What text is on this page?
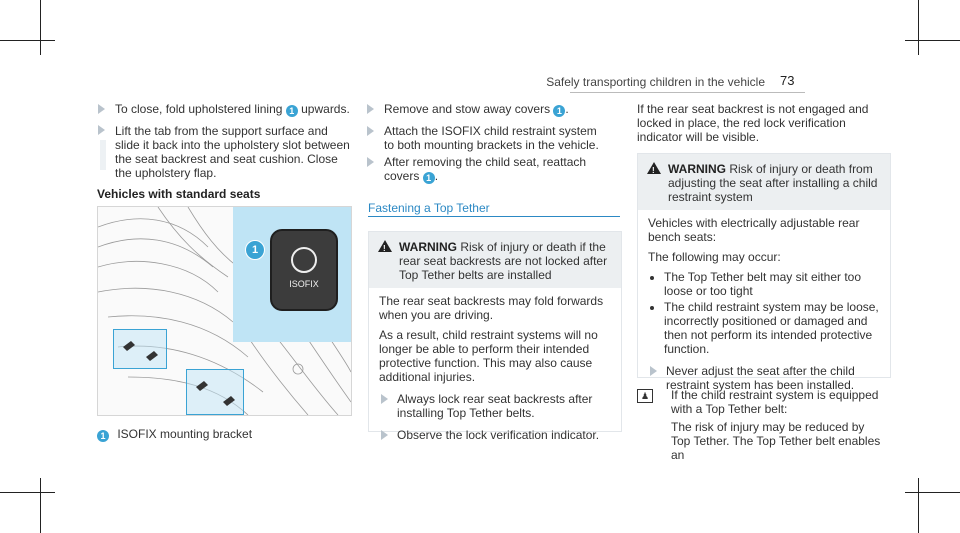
Safely transporting children in the vehicle 73
To close, fold upholstered lining 1 upwards.
Lift the tab from the support surface and slide it back into the upholstery slot between the seat backrest and seat cushion. Close the upholstery flap.
Vehicles with standard seats
ISOFIX
1
1 ISOFIX mounting bracket
Remove and stow away covers 1 .
Attach the ISOFIX child restraint system to both mounting brackets in the vehicle.
After removing the child seat, reattach covers 1 .
Fastening a Top Tether
! WARNING Risk of injury or death if the rear seat backrests are not locked after Top Tether belts are installed

The rear seat backrests may fold forwards when you are driving.

As a result, child restraint systems will no longer be able to perform their intended protective function. This may also cause additional injuries.

Always lock rear seat backrests after installing Top Tether belts.
Observe the lock verification indicator.
If the rear seat backrest is not engaged and locked in place, the red lock verification indicator will be visible.
! WARNING Risk of injury or death from adjusting the seat after installing a child restraint system

Vehicles with electrically adjustable rear bench seats:

The following may occur:

• The Top Tether belt may sit either too loose or too tight
• The child restraint system may be loose, incorrectly positioned or damaged and then not perform its intended protective function.
Never adjust the seat after the child restraint system has been installed.
♟	If the child restraint system is equipped with a Top Tether belt:
The risk of injury may be reduced by Top Tether. The Top Tether belt enables an
